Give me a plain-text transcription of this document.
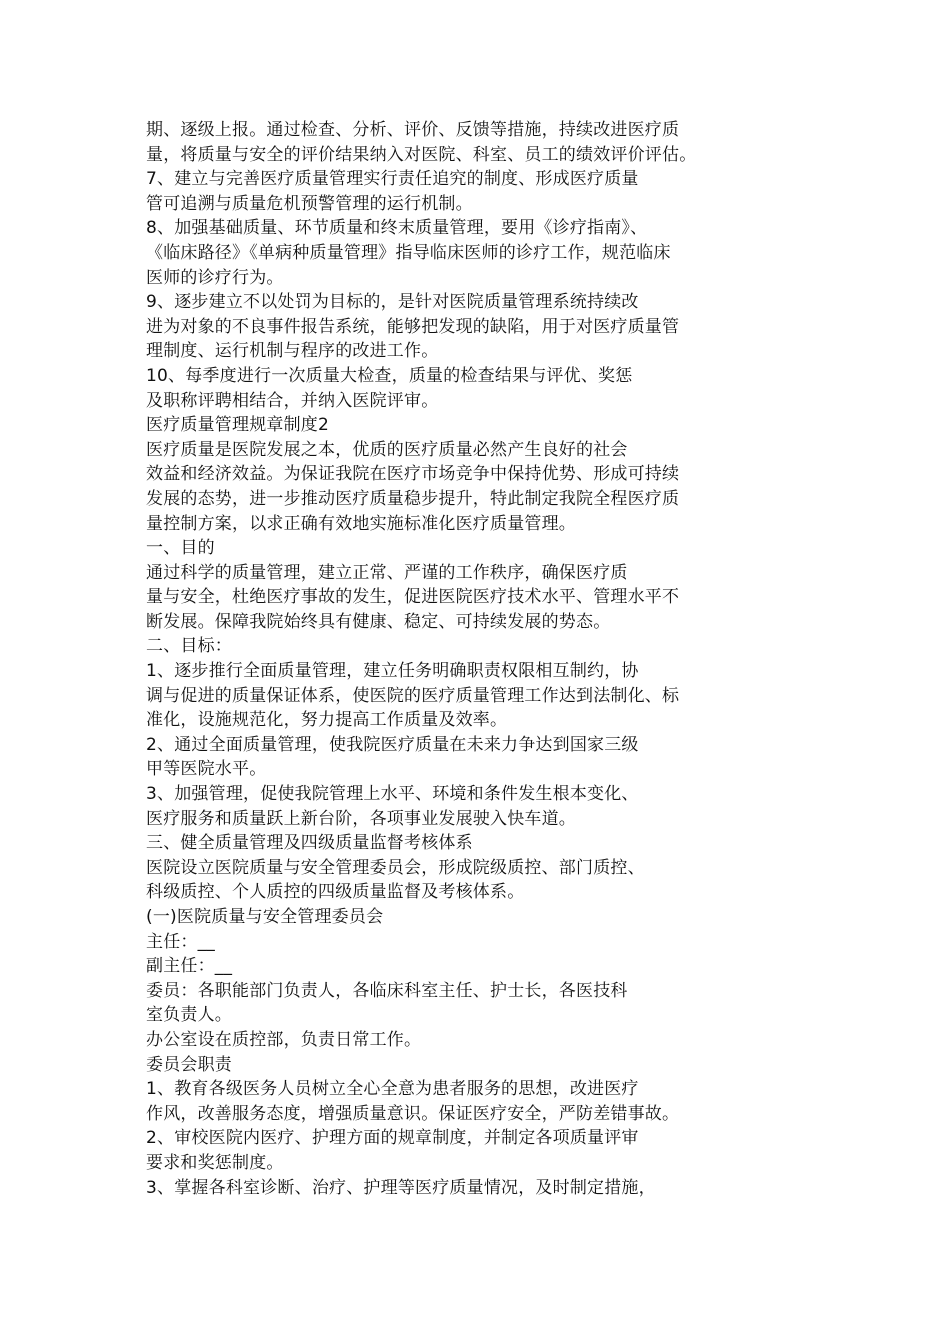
期、逐级上报。通过检查、分析、评价、反馈等措施，持续改进医疗质
量，将质量与安全的评价结果纳入对医院、科室、员工的绩效评价评估。
7、建立与完善医疗质量管理实行责任追究的制度、形成医疗质量
管可追溯与质量危机预警管理的运行机制。
8、加强基础质量、环节质量和终末质量管理，要用《诊疗指南》、
《临床路径》《单病种质量管理》指导临床医师的诊疗工作，规范临床
医师的诊疗行为。
9、逐步建立不以处罚为目标的，是针对医院质量管理系统持续改
进为对象的不良事件报告系统，能够把发现的缺陷，用于对医疗质量管
理制度、运行机制与程序的改进工作。
10、每季度进行一次质量大检查，质量的检查结果与评优、奖惩
及职称评聘相结合，并纳入医院评审。
医疗质量管理规章制度2
医疗质量是医院发展之本，优质的医疗质量必然产生良好的社会
效益和经济效益。为保证我院在医疗市场竞争中保持优势、形成可持续
发展的态势，进一步推动医疗质量稳步提升，特此制定我院全程医疗质
量控制方案，以求正确有效地实施标准化医疗质量管理。
一、目的
通过科学的质量管理，建立正常、严谨的工作秩序，确保医疗质
量与安全，杜绝医疗事故的发生，促进医院医疗技术水平、管理水平不
断发展。保障我院始终具有健康、稳定、可持续发展的势态。
二、目标：
1、逐步推行全面质量管理，建立任务明确职责权限相互制约，协
调与促进的质量保证体系，使医院的医疗质量管理工作达到法制化、标
准化，设施规范化，努力提高工作质量及效率。
2、通过全面质量管理，使我院医疗质量在未来力争达到国家三级
甲等医院水平。
3、加强管理，促使我院管理上水平、环境和条件发生根本变化、
医疗服务和质量跃上新台阶，各项事业发展驶入快车道。
三、健全质量管理及四级质量监督考核体系
医院设立医院质量与安全管理委员会，形成院级质控、部门质控、
科级质控、个人质控的四级质量监督及考核体系。
(一)医院质量与安全管理委员会
主任：__
副主任：__
委员：各职能部门负责人，各临床科室主任、护士长，各医技科
室负责人。
办公室设在质控部，负责日常工作。
委员会职责
1、教育各级医务人员树立全心全意为患者服务的思想，改进医疗
作风，改善服务态度，增强质量意识。保证医疗安全，严防差错事故。
2、审校医院内医疗、护理方面的规章制度，并制定各项质量评审
要求和奖惩制度。
3、掌握各科室诊断、治疗、护理等医疗质量情况，及时制定措施，
